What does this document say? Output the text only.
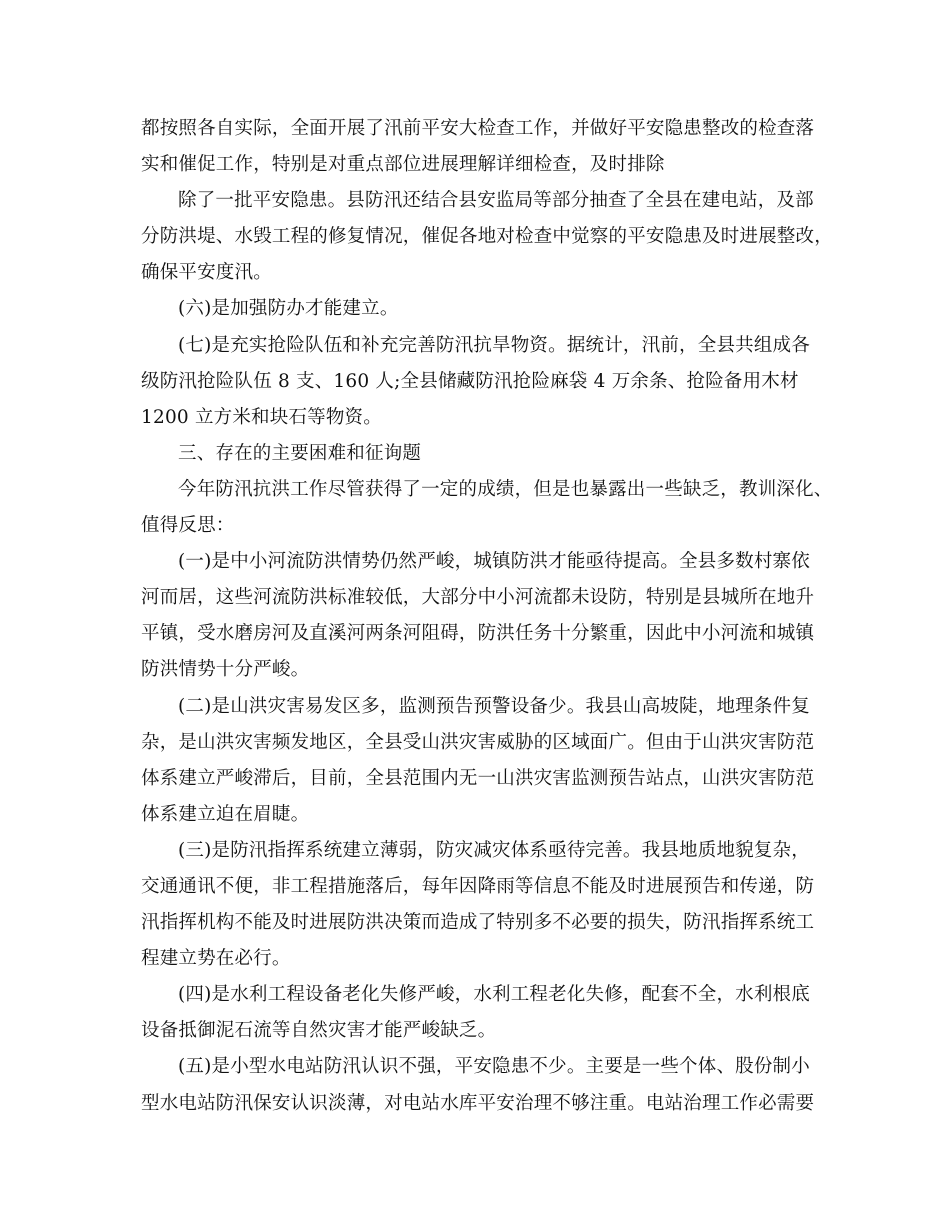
都按照各自实际，全面开展了汛前平安大检查工作，并做好平安隐患整改的检查落
实和催促工作，特别是对重点部位进展理解详细检查，及时排除
除了一批平安隐患。县防汛还结合县安监局等部分抽查了全县在建电站，及部
分防洪堤、水毁工程的修复情况，催促各地对检查中觉察的平安隐患及时进展整改，
确保平安度汛。
(六)是加强防办才能建立。
(七)是充实抢险队伍和补充完善防汛抗旱物资。据统计，汛前，全县共组成各
级防汛抢险队伍 8 支、160 人;全县储藏防汛抢险麻袋 4 万余条、抢险备用木材
1200 立方米和块石等物资。
三、存在的主要困难和征询题
今年防汛抗洪工作尽管获得了一定的成绩，但是也暴露出一些缺乏，教训深化、
值得反思：
(一)是中小河流防洪情势仍然严峻，城镇防洪才能亟待提高。全县多数村寨依
河而居，这些河流防洪标准较低，大部分中小河流都未设防，特别是县城所在地升
平镇，受水磨房河及直溪河两条河阻碍，防洪任务十分繁重，因此中小河流和城镇
防洪情势十分严峻。
(二)是山洪灾害易发区多，监测预告预警设备少。我县山高坡陡，地理条件复
杂，是山洪灾害频发地区，全县受山洪灾害威胁的区域面广。但由于山洪灾害防范
体系建立严峻滞后，目前，全县范围内无一山洪灾害监测预告站点，山洪灾害防范
体系建立迫在眉睫。
(三)是防汛指挥系统建立薄弱，防灾减灾体系亟待完善。我县地质地貌复杂，
交通通讯不便，非工程措施落后，每年因降雨等信息不能及时进展预告和传递，防
汛指挥机构不能及时进展防洪决策而造成了特别多不必要的损失，防汛指挥系统工
程建立势在必行。
(四)是水利工程设备老化失修严峻，水利工程老化失修，配套不全，水利根底
设备抵御泥石流等自然灾害才能严峻缺乏。
(五)是小型水电站防汛认识不强，平安隐患不少。主要是一些个体、股份制小
型水电站防汛保安认识淡薄，对电站水库平安治理不够注重。电站治理工作必需要
